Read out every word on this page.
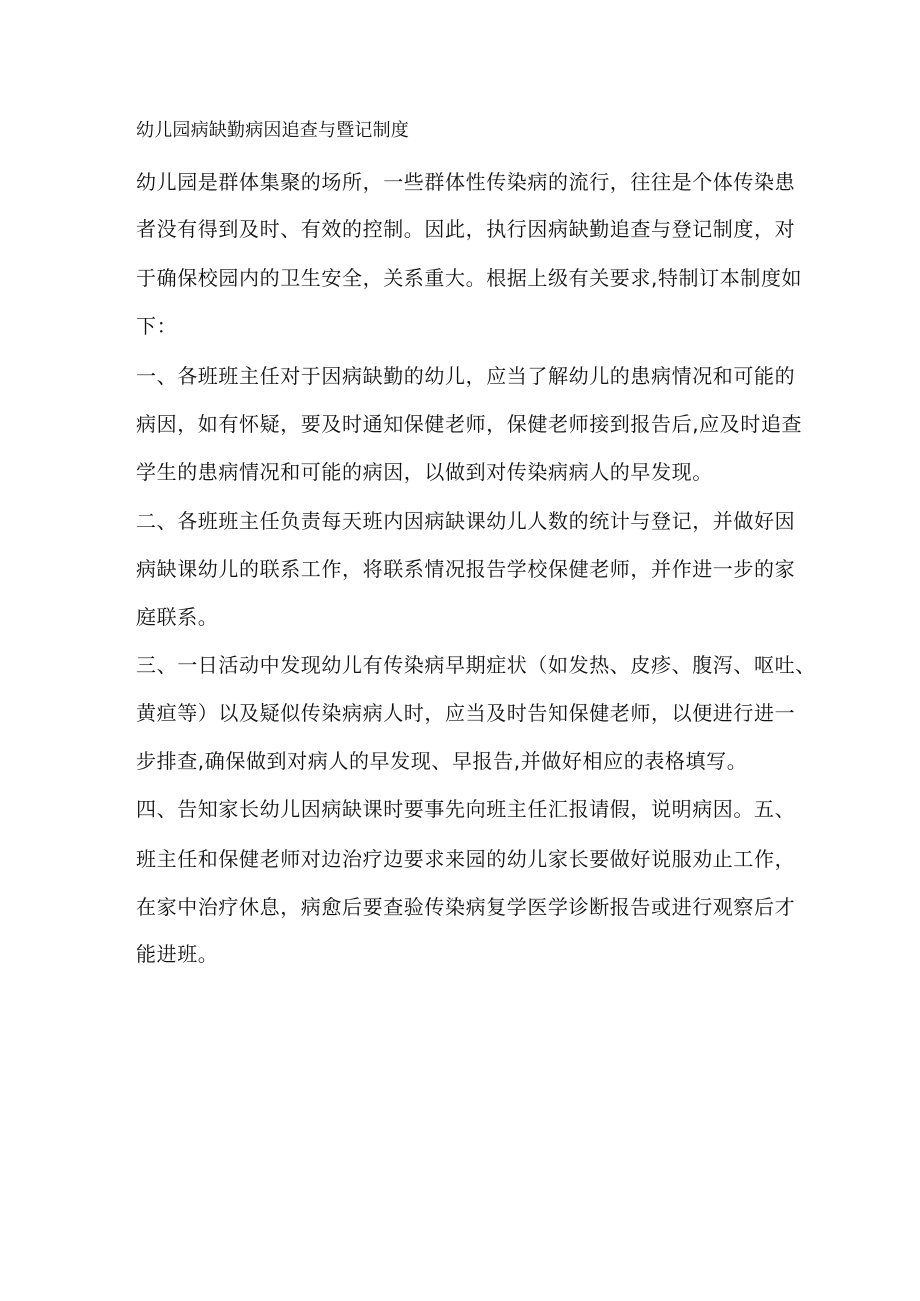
幼儿园病缺勤病因追查与暨记制度
幼儿园是群体集聚的场所，一些群体性传染病的流行，往往是个体传染患
者没有得到及时、有效的控制。因此，执行因病缺勤追查与登记制度，对
于确保校园内的卫生安全，关系重大。根据上级有关要求,特制订本制度如
下：
一、各班班主任对于因病缺勤的幼儿，应当了解幼儿的患病情况和可能的
病因，如有怀疑，要及时通知保健老师，保健老师接到报告后,应及时追查
学生的患病情况和可能的病因，以做到对传染病病人的早发现。
二、各班班主任负责每天班内因病缺课幼儿人数的统计与登记，并做好因
病缺课幼儿的联系工作，将联系情况报告学校保健老师，并作进一步的家
庭联系。
三、一日活动中发现幼儿有传染病早期症状（如发热、皮疹、腹泻、呕吐、
黄疸等）以及疑似传染病病人时，应当及时告知保健老师，以便进行进一
步排查,确保做到对病人的早发现、早报告,并做好相应的表格填写。
四、告知家长幼儿因病缺课时要事先向班主任汇报请假，说明病因。五、
班主任和保健老师对边治疗边要求来园的幼儿家长要做好说服劝止工作，
在家中治疗休息，病愈后要查验传染病复学医学诊断报告或进行观察后才
能进班。
